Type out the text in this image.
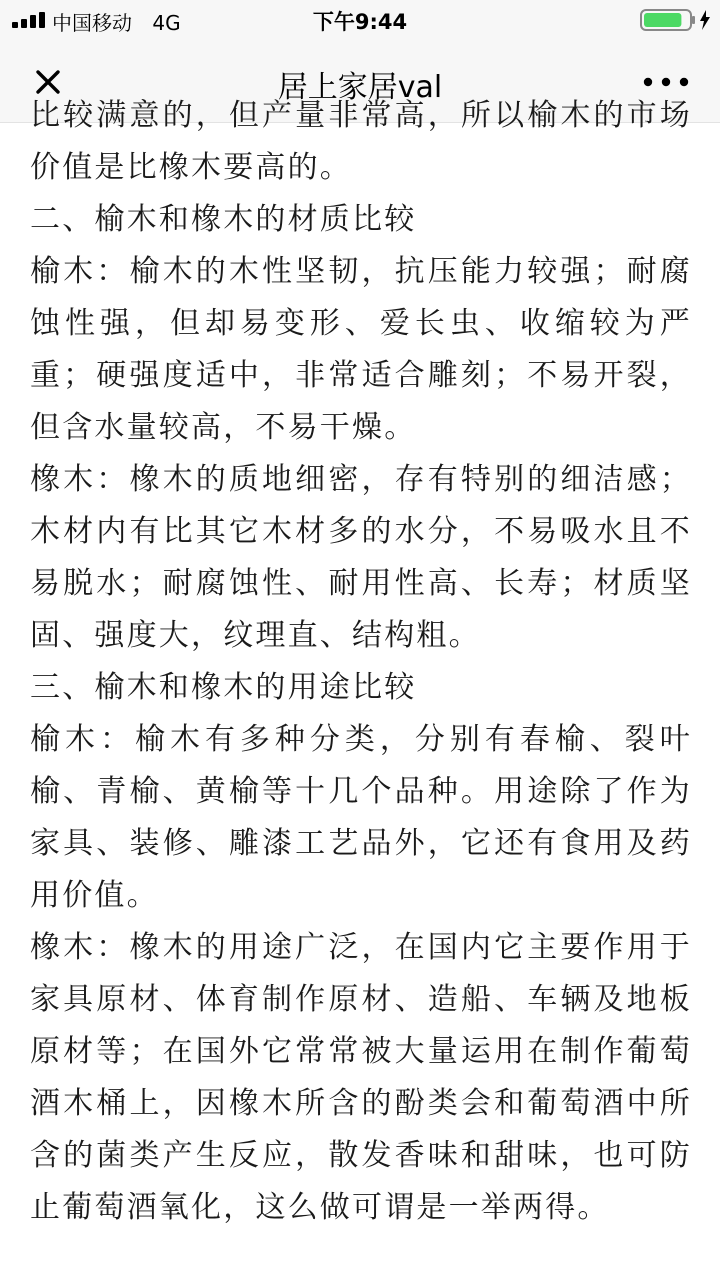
中国移动 4G	下午9:44
居上家居val

比较满意的，但产量非常高，所以榆木的市场价值是比橡木要高的。

二、榆木和橡木的材质比较

榆木：榆木的木性坚韧，抗压能力较强；耐腐蚀性强，但却易变形、爱长虫、收缩较为严重；硬强度适中，非常适合雕刻；不易开裂，但含水量较高，不易干燥。

橡木：橡木的质地细密，存有特别的细洁感；木材内有比其它木材多的水分，不易吸水且不易脱水；耐腐蚀性、耐用性高、长寿；材质坚固、强度大，纹理直、结构粗。

三、榆木和橡木的用途比较

榆木：榆木有多种分类，分别有春榆、裂叶榆、青榆、黄榆等十几个品种。用途除了作为家具、装修、雕漆工艺品外，它还有食用及药用价值。

橡木：橡木的用途广泛，在国内它主要作用于家具原材、体育制作原材、造船、车辆及地板原材等；在国外它常常被大量运用在制作葡萄酒木桶上，因橡木所含的酚类会和葡萄酒中所含的菌类产生反应，散发香味和甜味，也可防止葡萄酒氧化，这么做可谓是一举两得。
